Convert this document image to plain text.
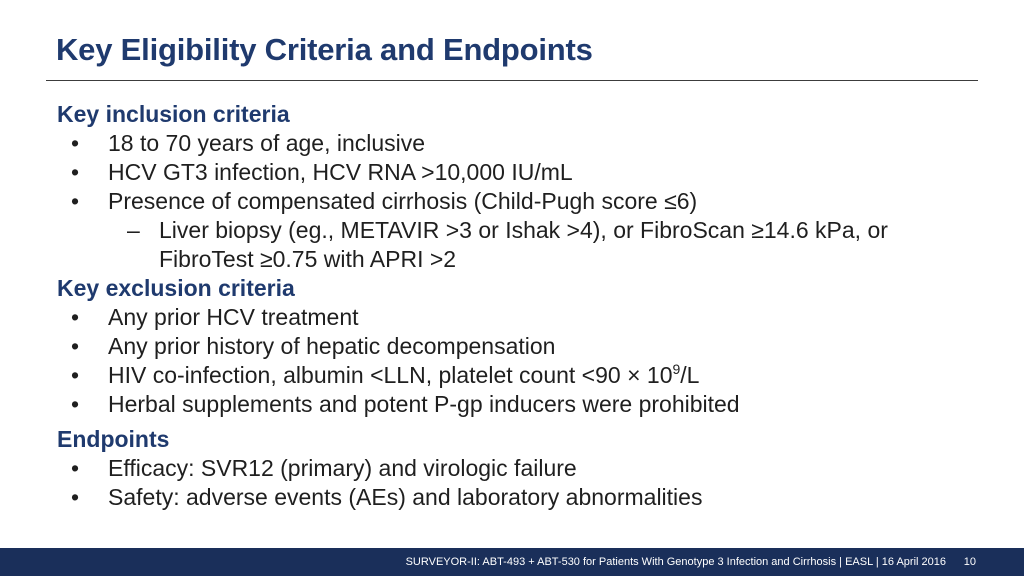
Key Eligibility Criteria and Endpoints
Key inclusion criteria
• 18 to 70 years of age, inclusive
• HCV GT3 infection, HCV RNA >10,000 IU/mL
• Presence of compensated cirrhosis (Child-Pugh score ≤6)
– Liver biopsy (eg., METAVIR >3 or Ishak >4), or FibroScan ≥14.6 kPa, or
FibroTest ≥0.75 with APRI >2
Key exclusion criteria
• Any prior HCV treatment
• Any prior history of hepatic decompensation
• HIV co-infection, albumin <LLN, platelet count $<90 \times 10^9/L$
• Herbal supplements and potent P-gp inducers were prohibited
Endpoints
• Efficacy: SVR12 (primary) and virologic failure
• Safety: adverse events (AEs) and laboratory abnormalities
SURVEYOR-II: ABT-493 + ABT-530 for Patients With Genotype 3 Infection and Cirrhosis | EASL | 16 April 2016 10
